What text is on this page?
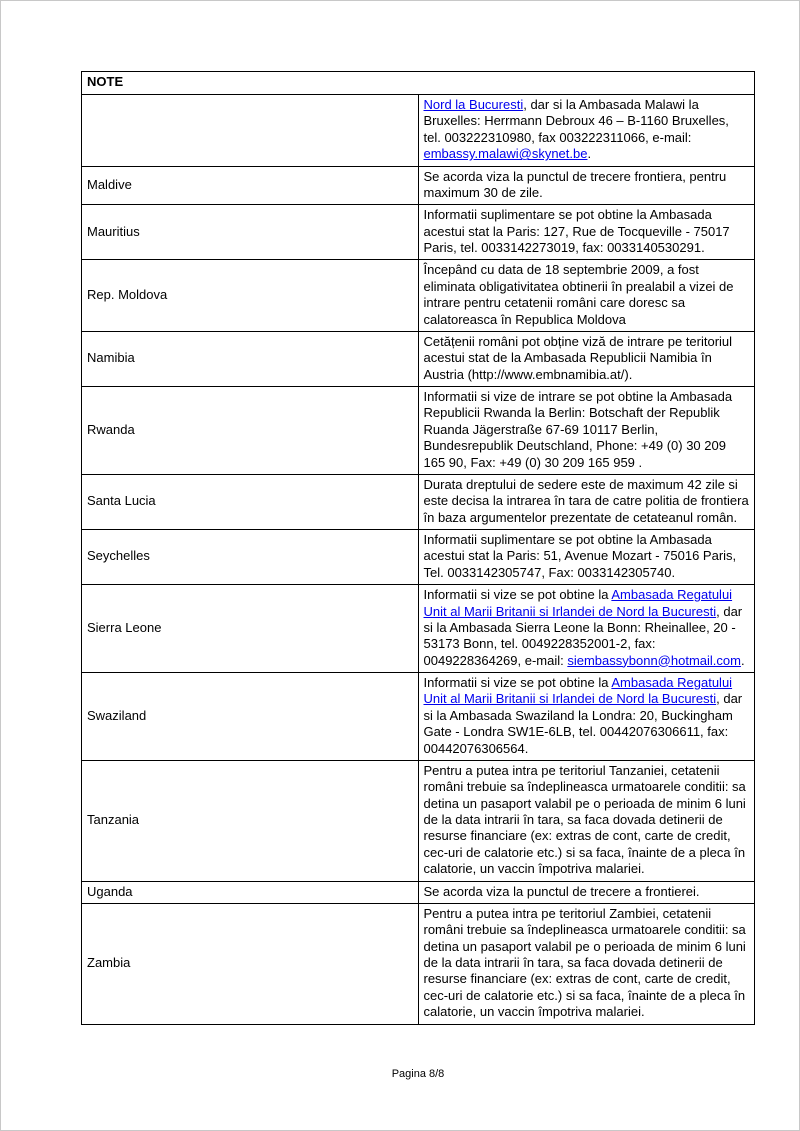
NOTE	
	Nord la Bucuresti, dar si la Ambasada Malawi la Bruxelles: Herrmann Debroux 46 – B-1160 Bruxelles, tel. 003222310980, fax 003222311066, e-mail: embassy.malawi@skynet.be.
Maldive	Se acorda viza la punctul de trecere frontiera, pentru maximum 30 de zile.
Mauritius	Informatii suplimentare se pot obtine la Ambasada acestui stat la Paris: 127, Rue de Tocqueville - 75017 Paris, tel. 0033142273019, fax: 0033140530291.
Rep. Moldova	Începând cu data de 18 septembrie 2009, a fost eliminata obligativitatea obtinerii în prealabil a vizei de intrare pentru cetatenii români care doresc sa calatoreasca în Republica Moldova
Namibia	Cetățenii români pot obține viză de intrare pe teritoriul acestui stat de la Ambasada Republicii Namibia în Austria (http://www.embnamibia.at/).
Rwanda	Informatii si vize de intrare se pot obtine la Ambasada Republicii Rwanda la Berlin: Botschaft der Republik Ruanda Jägerstraße 67-69 10117 Berlin, Bundesrepublik Deutschland, Phone: +49 (0) 30 209 165 90, Fax: +49 (0) 30 209 165 959 .
Santa Lucia	Durata dreptului de sedere este de maximum 42 zile si este decisa la intrarea în tara de catre politia de frontiera în baza argumentelor prezentate de cetateanul român.
Seychelles	Informatii suplimentare se pot obtine la Ambasada acestui stat la Paris: 51, Avenue Mozart - 75016 Paris, Tel. 0033142305747, Fax: 0033142305740.
Sierra Leone	Informatii si vize se pot obtine la Ambasada Regatului Unit al Marii Britanii si Irlandei de Nord la Bucuresti, dar si la Ambasada Sierra Leone la Bonn: Rheinallee, 20 - 53173 Bonn, tel. 0049228352001-2, fax: 0049228364269, e-mail: siembassybonn@hotmail.com.
Swaziland	Informatii si vize se pot obtine la Ambasada Regatului Unit al Marii Britanii si Irlandei de Nord la Bucuresti, dar si la Ambasada Swaziland la Londra: 20, Buckingham Gate - Londra SW1E-6LB, tel. 00442076306611, fax: 00442076306564.
Tanzania	Pentru a putea intra pe teritoriul Tanzaniei, cetatenii români trebuie sa îndeplineasca urmatoarele conditii: sa detina un pasaport valabil pe o perioada de minim 6 luni de la data intrarii în tara, sa faca dovada detinerii de resurse financiare (ex: extras de cont, carte de credit, cec-uri de calatorie etc.) si sa faca, înainte de a pleca în calatorie, un vaccin împotriva malariei.
Uganda	Se acorda viza la punctul de trecere a frontierei.
Zambia	Pentru a putea intra pe teritoriul Zambiei, cetatenii români trebuie sa îndeplineasca urmatoarele conditii: sa detina un pasaport valabil pe o perioada de minim 6 luni de la data intrarii în tara, sa faca dovada detinerii de resurse financiare (ex: extras de cont, carte de credit, cec-uri de calatorie etc.) si sa faca, înainte de a pleca în calatorie, un vaccin împotriva malariei.
Pagina 8/8
